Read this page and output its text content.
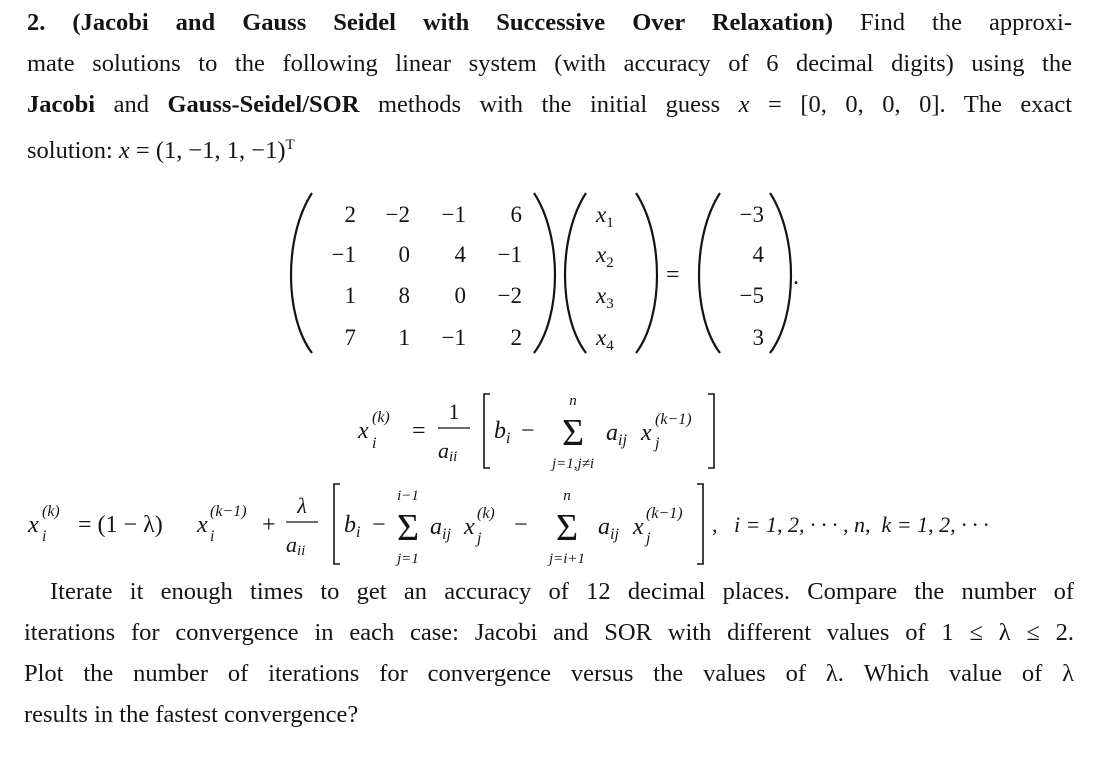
2. (Jacobi and Gauss Seidel with Successive Over Relaxation) Find the approxi-
mate solutions to the following linear system (with accuracy of 6 decimal digits) using the
Jacobi and Gauss-Seidel/SOR methods with the initial guess x = [0, 0, 0, 0]. The exact
solution: x = (1, −1, 1, −1)$^T$
2 −2 −1 6
−1 0 4 −1
1 8 0 −2
7 1 −1 2
$x_1$
$x_2$
$x_3$
$x_4$
=
−3
4
−5
3
.
x
(k)
i =
1
aii
$b_i$ −
n
Σ
j=1,j≠i
$a_{ij}$ x
(k−1)
j
x
(k)
i = (1 − λ) x
(k−1)
i +
λ
aii
$b_i$ −
i−1
Σ
j=1
$a_{ij}$ x
(k)
j
−
n
Σ
j=i+1
$a_{ij}$ x
(k−1)
j
,   i = 1, 2, · · · , n,  k = 1, 2, · · ·
Iterate it enough times to get an accuracy of 12 decimal places. Compare the number of
iterations for convergence in each case: Jacobi and SOR with different values of 1 ≤ λ ≤ 2.
Plot the number of iterations for convergence versus the values of λ. Which value of λ
results in the fastest convergence?
